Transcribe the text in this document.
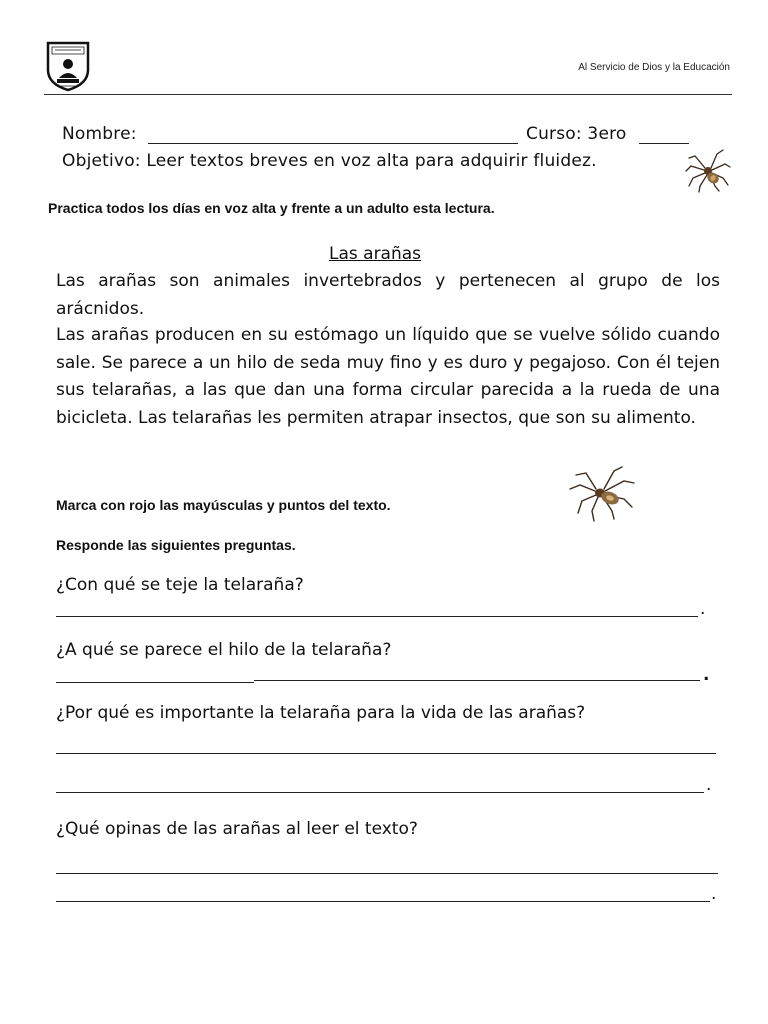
Al Servicio de Dios y la Educación
Nombre:	Curso: 3ero
Objetivo: Leer textos breves en voz alta para adquirir fluidez.
Practica todos los días en voz alta y frente a un adulto esta lectura.
Las arañas
Las arañas son animales invertebrados y pertenecen al grupo de los arácnidos.
Las arañas producen en su estómago un líquido que se vuelve sólido cuando sale. Se parece a un hilo de seda muy fino y es duro y pegajoso. Con él tejen sus telarañas, a las que dan una forma circular parecida a la rueda de una bicicleta. Las telarañas les permiten atrapar insectos, que son su alimento.
Marca con rojo las mayúsculas y puntos del texto.
Responde las siguientes preguntas.
¿Con qué se teje la telaraña?
.
¿A qué se parece el hilo de la telaraña?
.
¿Por qué es importante la telaraña para la vida de las arañas?
.
¿Qué opinas de las arañas al leer el texto?
.
